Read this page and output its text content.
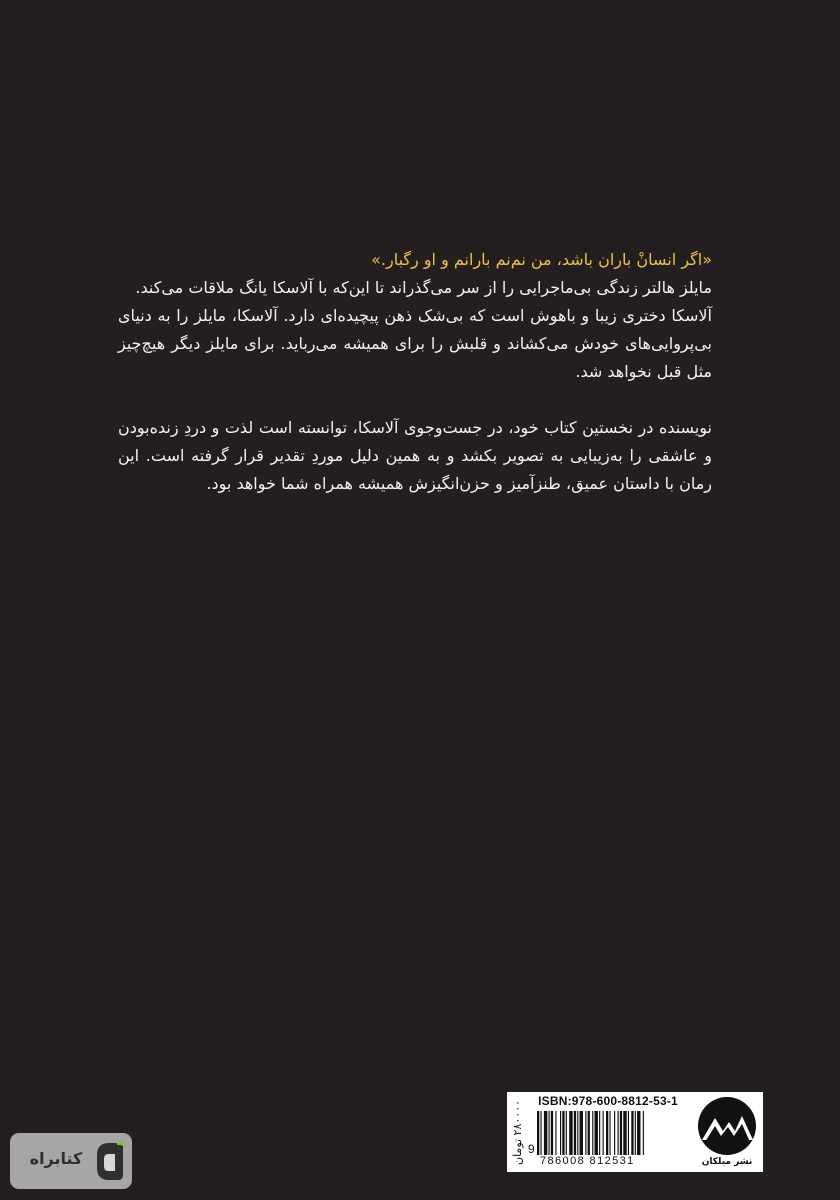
«اگر انسانْ باران باشد، من نم‌نم بارانم و او رگبار.»

مایلز هالتر زندگی بی‌ماجرایی را از سر می‌گذراند تا این‌که با آلاسکا یانگ ملاقات می‌کند.

آلاسکا دختری زیبا و باهوش است که بی‌شک ذهن پیچیده‌ای دارد. آلاسکا، مایلز را به دنیای بی‌پروایی‌های خودش می‌کشاند و قلبش را برای همیشه می‌رباید. برای مایلز دیگر هیچ‌چیز مثل قبل نخواهد شد.

نویسنده در نخستین کتاب خود، در جست‌وجوی آلاسکا، توانسته است لذت و دردِ زنده‌بودن و عاشقی را به‌زیبایی به تصویر بکشد و به همین دلیل موردِ تقدیر قرار گرفته است. این رمان با داستان عمیق، طنزآمیز و حزن‌انگیزش همیشه همراه شما خواهد بود.

۲۸۰۰۰۰ تومان	ISBN:978-600-8812-53-1
9
786008 812531	نشر میلکان
کتابراه
